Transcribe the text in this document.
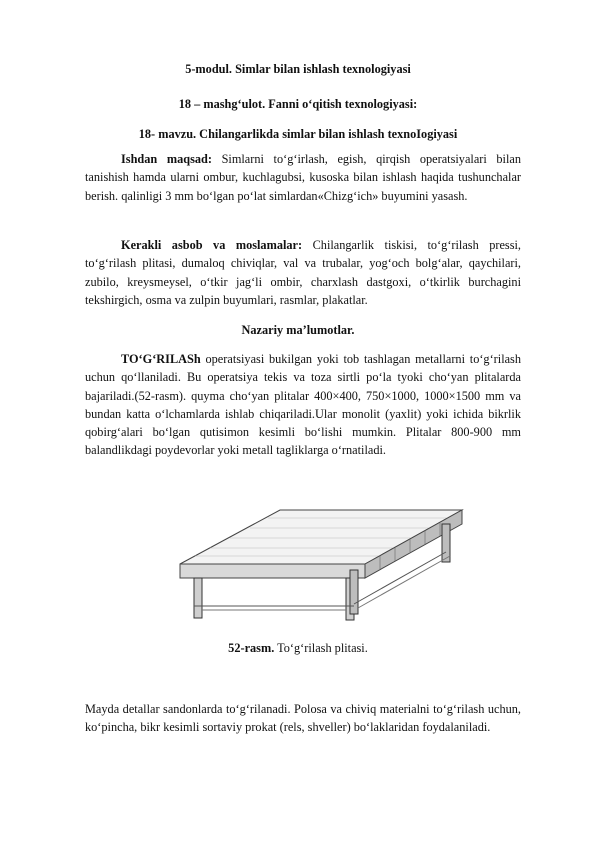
5-modul. Simlar bilan ishlash texnologiyasi
18 – mashg‘ulot. Fanni o‘qitish texnologiyasi:
18- mavzu. Chilangarlikda simlar bilan ishlash texnoIogiyasi

Ishdan maqsad: Simlarni to‘g‘irlash, egish, qirqish operatsiyalari bilan tanishish hamda ularni ombur, kuchlagubsi, kusoska bilan ishlash haqida tushunchalar berish. qalinligi 3 mm bo‘lgan po‘lat simlardan«Chizg‘ich» buyumini yasash.

Kerakli asbob va moslamalar: Chilangarlik tiskisi, to‘g‘rilash pressi, to‘g‘rilash plitasi, dumaloq chiviqlar, val va trubalar, yog‘och bolg‘alar, qaychilari, zubilo, kreysmeysel, o‘tkir jag‘li ombir, charxlash dastgoxi, o‘tkirlik burchagini tekshirgich, osma va zulpin buyumlari, rasmlar, plakatlar.

Nazariy ma’lumotlar.

TO‘G‘RILASh operatsiyasi bukilgan yoki tob tashlagan metallarni to‘g‘rilash uchun qo‘llaniladi. Bu operatsiya tekis va toza sirtli po‘la tyoki cho‘yan plitalarda bajariladi.(52-rasm). quyma cho‘yan plitalar 400×400, 750×1000, 1000×1500 mm va bundan katta o‘lchamlarda ishlab chiqariladi.Ular monolit (yaxlit) yoki ichida bikrlik qobirg‘alari bo‘lgan qutisimon kesimli bo‘lishi mumkin. Plitalar 800-900 mm balandlikdagi poydevorlar yoki metall tagliklarga o‘rnatiladi.

52-rasm. To‘g‘rilash plitasi.

Mayda detallar sandonlarda to‘g‘rilanadi. Polosa va chiviq materialni to‘g‘rilash uchun, ko‘pincha, bikr kesimli sortaviy prokat (rels, shveller) bo‘laklaridan foydalaniladi.
